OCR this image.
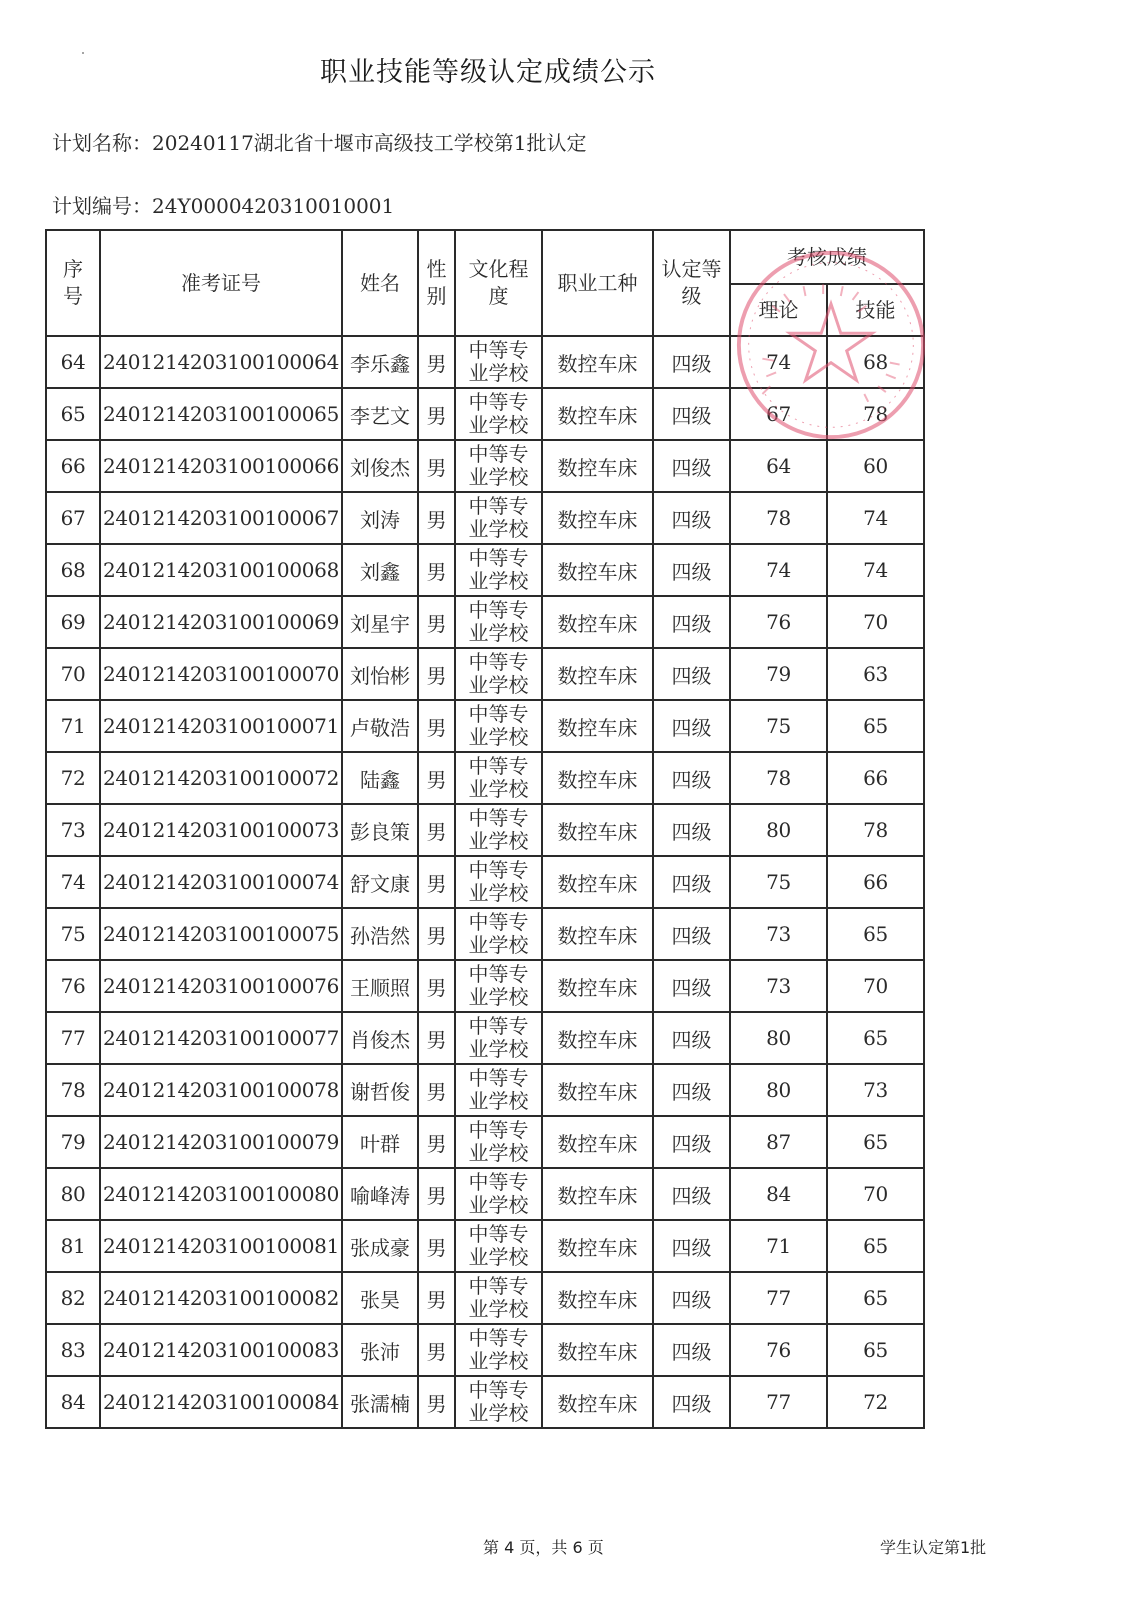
职业技能等级认定成绩公示
计划名称：20240117湖北省十堰市高级技工学校第1批认定
计划编号：24Y000042031001000​1
序
号	准考证号	姓名	性
别	文化程
度	职业工种	认定等
级	考核成绩	
							理论	技能
64	2401214203100100064	李乐鑫	男	中等专
业学校	数控车床	四级	74	68
65	2401214203100100065	李艺文	男	中等专
业学校	数控车床	四级	67	78
66	2401214203100100066	刘俊杰	男	中等专
业学校	数控车床	四级	64	60
67	2401214203100100067	刘涛	男	中等专
业学校	数控车床	四级	78	74
68	2401214203100100068	刘鑫	男	中等专
业学校	数控车床	四级	74	74
69	2401214203100100069	刘星宇	男	中等专
业学校	数控车床	四级	76	70
70	2401214203100100070	刘怡彬	男	中等专
业学校	数控车床	四级	79	63
71	2401214203100100071	卢敬浩	男	中等专
业学校	数控车床	四级	75	65
72	2401214203100100072	陆鑫	男	中等专
业学校	数控车床	四级	78	66
73	2401214203100100073	彭良策	男	中等专
业学校	数控车床	四级	80	78
74	2401214203100100074	舒文康	男	中等专
业学校	数控车床	四级	75	66
75	2401214203100100075	孙浩然	男	中等专
业学校	数控车床	四级	73	65
76	2401214203100100076	王顺照	男	中等专
业学校	数控车床	四级	73	70
77	2401214203100100077	肖俊杰	男	中等专
业学校	数控车床	四级	80	65
78	2401214203100100078	谢哲俊	男	中等专
业学校	数控车床	四级	80	73
79	2401214203100100079	叶群	男	中等专
业学校	数控车床	四级	87	65
80	2401214203100100080	喻峰涛	男	中等专
业学校	数控车床	四级	84	70
81	2401214203100100081	张成豪	男	中等专
业学校	数控车床	四级	71	65
82	2401214203100100082	张昊	男	中等专
业学校	数控车床	四级	77	65
83	2401214203100100083	张沛	男	中等专
业学校	数控车床	四级	76	65
84	2401214203100100084	张濡楠	男	中等专
业学校	数控车床	四级	77	72
第 4 页，共 6 页	学生认定第1批
